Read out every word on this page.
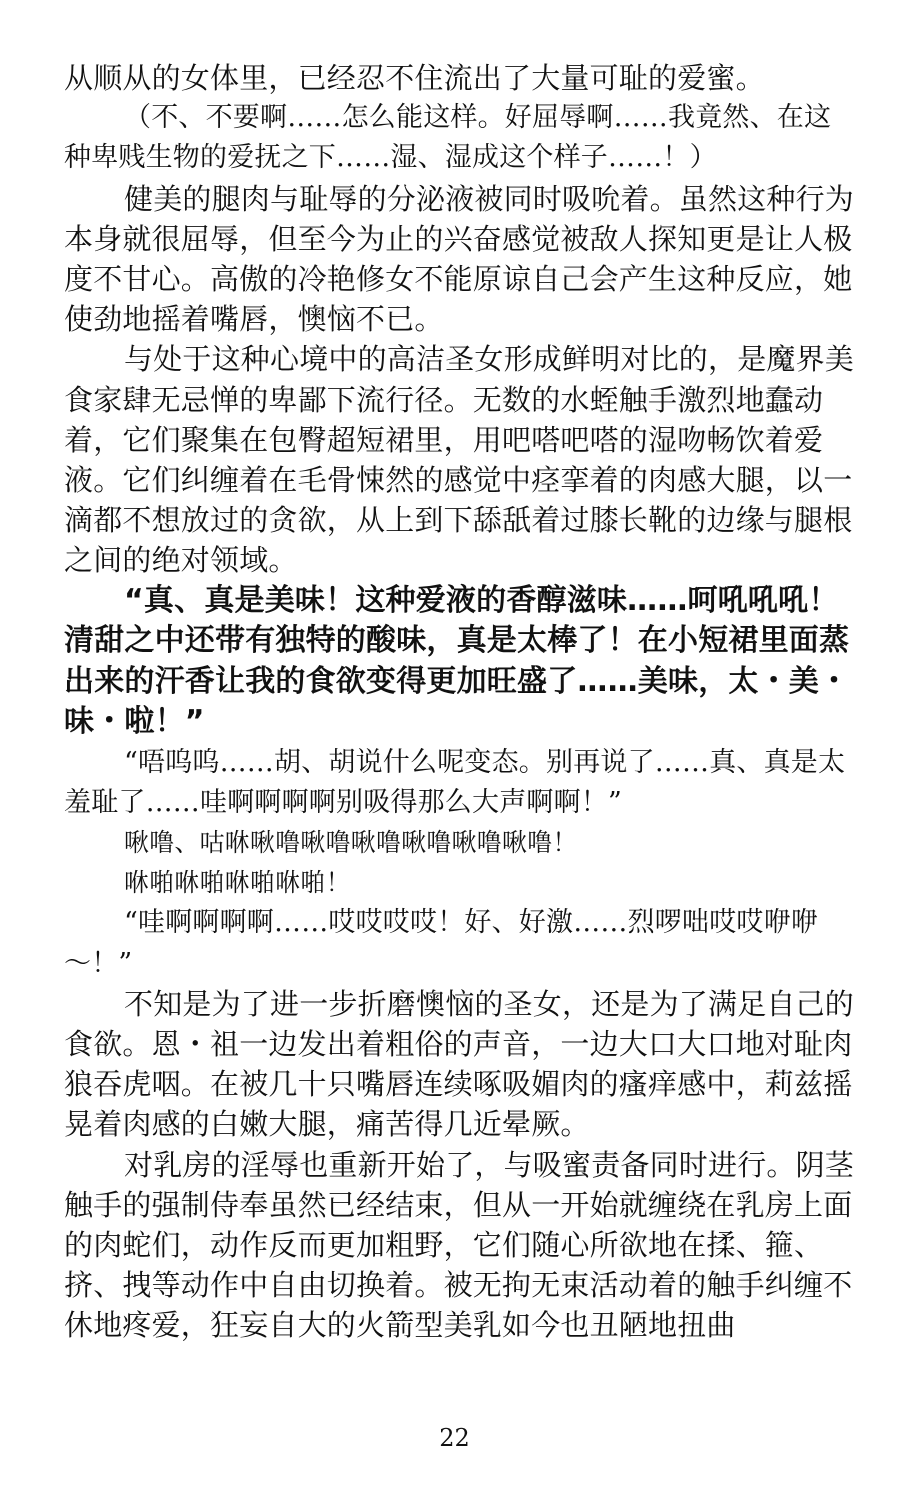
从顺从的女体里，已经忍不住流出了大量可耻的爱蜜。

（不、不要啊……怎么能这样。好屈辱啊……我竟然、在这种卑贱生物的爱抚之下……湿、湿成这个样子……！）

健美的腿肉与耻辱的分泌液被同时吸吮着。虽然这种行为本身就很屈辱，但至今为止的兴奋感觉被敌人探知更是让人极度不甘心。高傲的冷艳修女不能原谅自己会产生这种反应，她使劲地摇着嘴唇，懊恼不已。

与处于这种心境中的高洁圣女形成鲜明对比的，是魔界美食家肆无忌惮的卑鄙下流行径。无数的水蛭触手激烈地蠢动着，它们聚集在包臀超短裙里，用吧嗒吧嗒的湿吻畅饮着爱液。它们纠缠着在毛骨悚然的感觉中痉挛着的肉感大腿，以一滴都不想放过的贪欲，从上到下舔舐着过膝长靴的边缘与腿根之间的绝对领域。

“真、真是美味！这种爱液的香醇滋味……呵吼吼吼！清甜之中还带有独特的酸味，真是太棒了！在小短裙里面蒸出来的汗香让我的食欲变得更加旺盛了……美味，太・美・味・啦！”

“唔呜呜……胡、胡说什么呢变态。别再说了……真、真是太羞耻了……哇啊啊啊啊别吸得那么大声啊啊！”

啾噜、咕咻啾噜啾噜啾噜啾噜啾噜啾噜！

咻啪咻啪咻啪咻啪！

“哇啊啊啊啊……哎哎哎哎！好、好激……烈啰咄哎哎咿咿～！”

不知是为了进一步折磨懊恼的圣女，还是为了满足自己的食欲。恩・祖一边发出着粗俗的声音，一边大口大口地对耻肉狼吞虎咽。在被几十只嘴唇连续啄吸媚肉的瘙痒感中，莉兹摇晃着肉感的白嫩大腿，痛苦得几近晕厥。

对乳房的淫辱也重新开始了，与吸蜜责备同时进行。阴茎触手的强制侍奉虽然已经结束，但从一开始就缠绕在乳房上面的肉蛇们，动作反而更加粗野，它们随心所欲地在揉、箍、挤、拽等动作中自由切换着。被无拘无束活动着的触手纠缠不休地疼爱，狂妄自大的火箭型美乳如今也丑陋地扭曲

22
